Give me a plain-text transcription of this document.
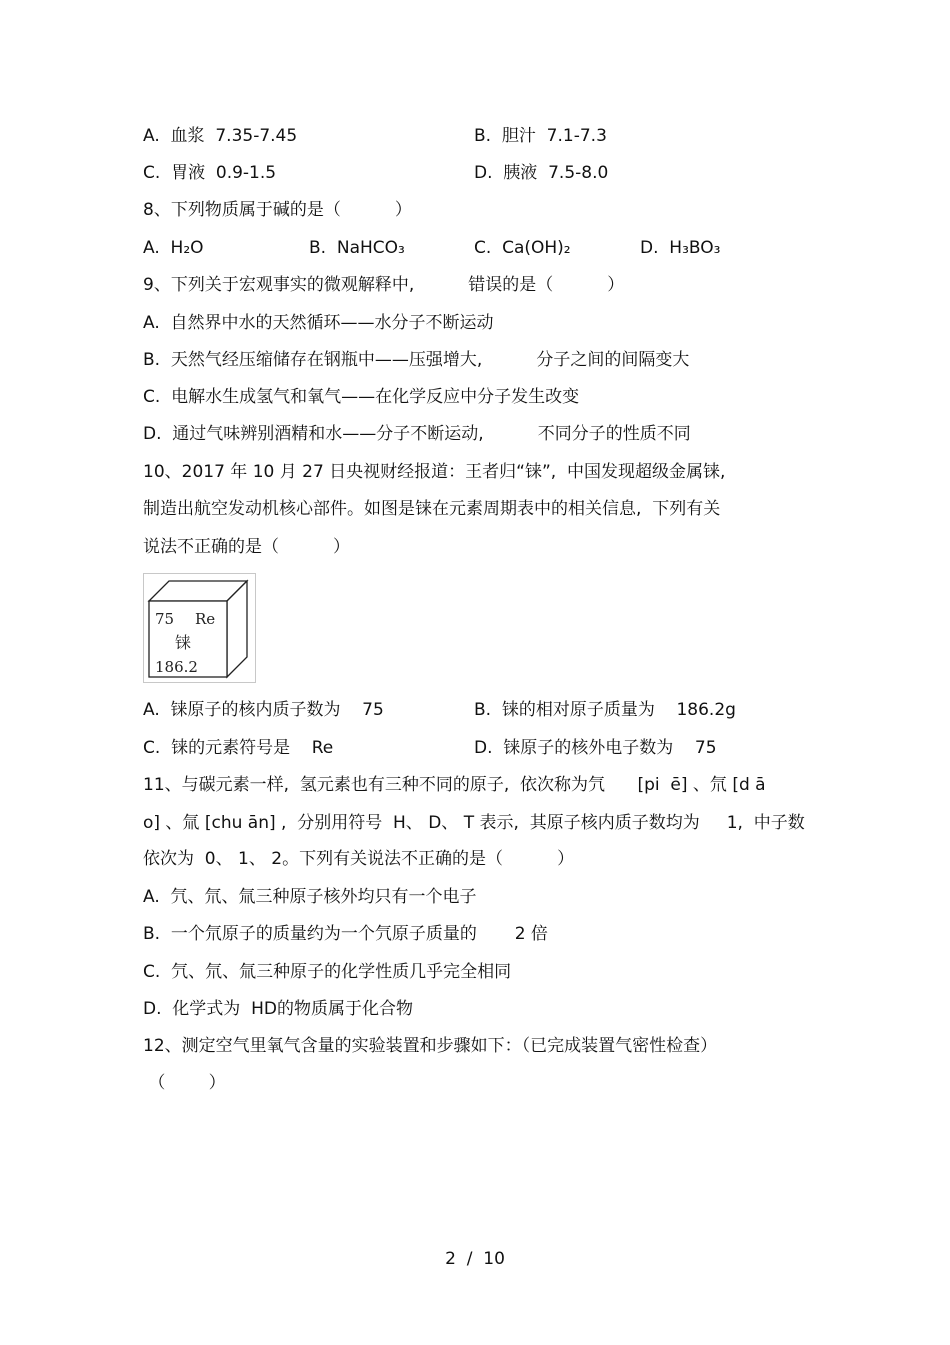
A.  血浆  7.35-7.45	B.  胆汁  7.1-7.3
C.  胃液  0.9-1.5	D.  胰液  7.5-8.0
8、下列物质属于碱的是（          ）
A.  H₂O	B.  NaHCO₃	C.  Ca(OH)₂	D.  H₃BO₃
9、下列关于宏观事实的微观解释中,          错误的是（          ）
A.  自然界中水的天然循环——水分子不断运动
B.  天然气经压缩储存在钢瓶中——压强增大,          分子之间的间隔变大
C.  电解水生成氢气和氧气——在化学反应中分子发生改变
D.  通过气味辨别酒精和水——分子不断运动,          不同分子的性质不同
10、2017 年 10 月 27 日央视财经报道：王者归“铼”,  中国发现超级金属铼,
制造出航空发动机核心部件。如图是铼在元素周期表中的相关信息,  下列有关
说法不正确的是（          ）
75 Re
铼
186.2
A.  铼原子的核内质子数为    75	B.  铼的相对原子质量为    186.2g
C.  铼的元素符号是    Re	D.  铼原子的核外电子数为    75
11、与碳元素一样,  氢元素也有三种不同的原子,  依次称为氕      [pi  ē] 、氘 [d ā
o] 、氚 [chu ān] ,  分别用符号  H、 D、 T 表示,  其原子核内质子数均为     1,  中子数
依次为  0、 1、 2。下列有关说法不正确的是（          ）
A.  氕、氘、氚三种原子核外均只有一个电子
B.  一个氘原子的质量约为一个氕原子质量的       2 倍
C.  氕、氘、氚三种原子的化学性质几乎完全相同
D.  化学式为  HD的物质属于化合物
12、测定空气里氧气含量的实验装置和步骤如下：（已完成装置气密性检查）
（        ）
2  /  10
